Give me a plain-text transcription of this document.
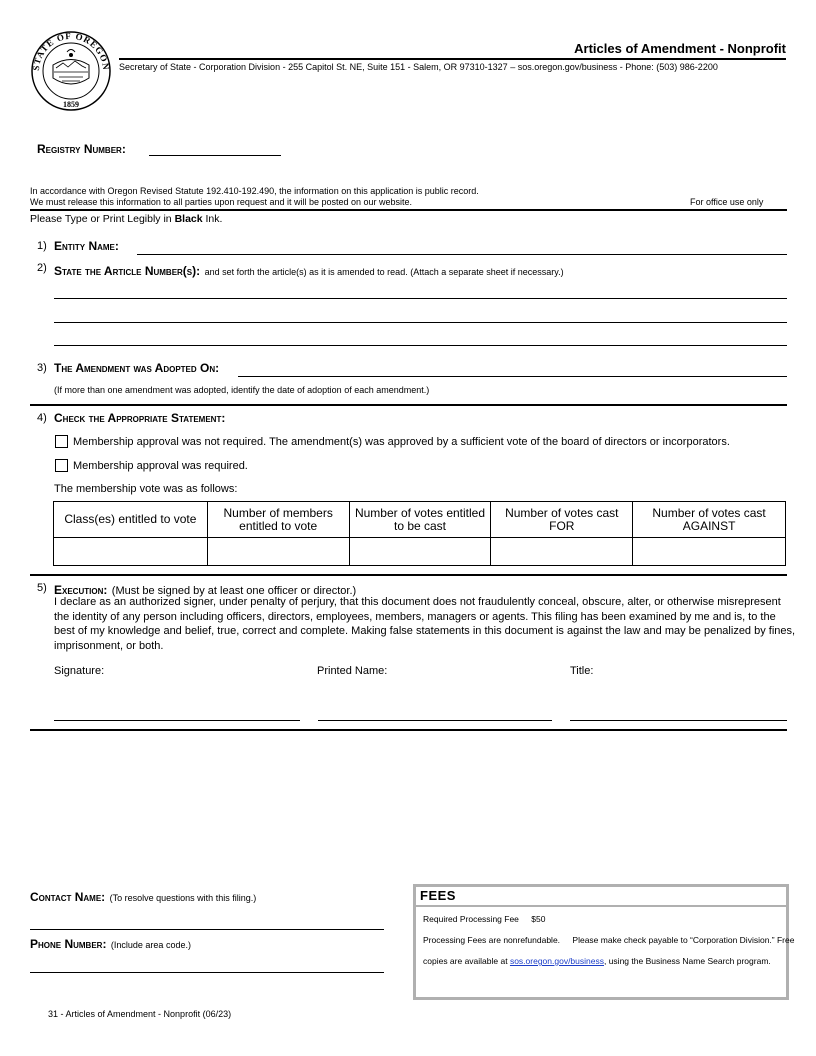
STATE OF OREGON
1859
Articles of Amendment - Nonprofit
Secretary of State - Corporation Division - 255 Capitol St. NE, Suite 151 - Salem, OR 97310-1327 – sos.oregon.gov/business - Phone: (503) 986-2200
Registry Number:
In accordance with Oregon Revised Statute 192.410-192.490, the information on this application is public record.
We must release this information to all parties upon request and it will be posted on our website.	For office use only
Please Type or Print Legibly in Black Ink.
1) Entity Name:
2) State the Article Number(s): and set forth the article(s) as it is amended to read. (Attach a separate sheet if necessary.)
3) The Amendment was Adopted On:
(If more than one amendment was adopted, identify the date of adoption of each amendment.)
4) Check the Appropriate Statement:
Membership approval was not required. The amendment(s) was approved by a sufficient vote of the board of directors or incorporators.
Membership approval was required.
The membership vote was as follows:
Class(es) entitled to vote	Number of members entitled to vote	Number of votes entitled to be cast	Number of votes cast FOR	Number of votes cast AGAINST

5) Execution: (Must be signed by at least one officer or director.)
I declare as an authorized signer, under penalty of perjury, that this document does not fraudulently conceal, obscure, alter, or otherwise misrepresent the identity of any person including officers, directors, employees, members, managers or agents. This filing has been examined by me and is, to the best of my knowledge and belief, true, correct and complete. Making false statements in this document is against the law and may be penalized by fines, imprisonment, or both.
Signature:	Printed Name:	Title:
Contact Name: (To resolve questions with this filing.)
Phone Number: (Include area code.)
FEES
Required Processing Fee $50
Processing Fees are nonrefundable. Please make check payable to “Corporation Division.” Free
copies are available at sos.oregon.gov/business, using the Business Name Search program.
31 - Articles of Amendment - Nonprofit (06/23)
